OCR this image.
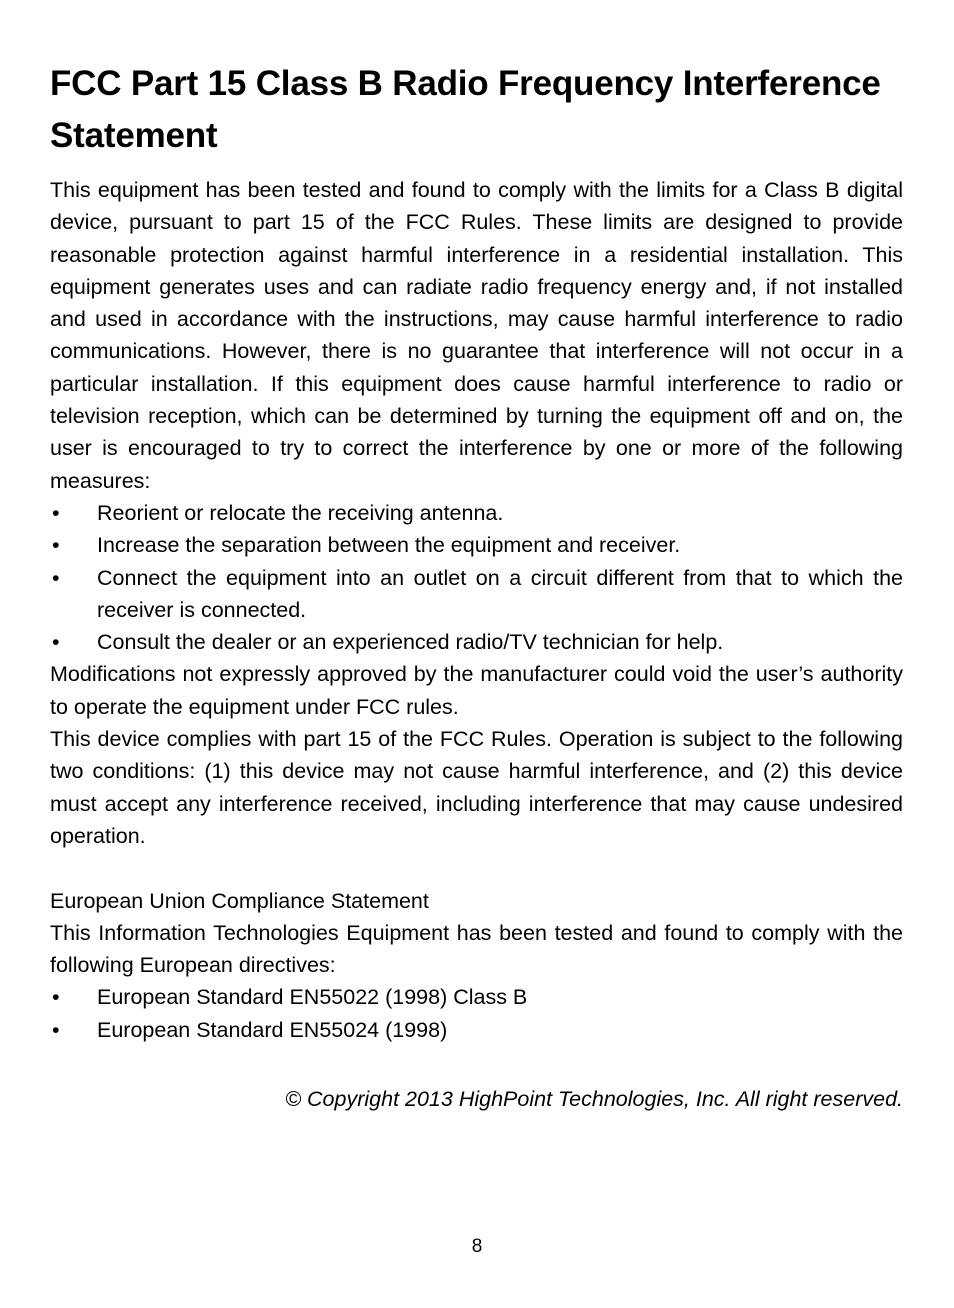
FCC Part 15 Class B Radio Frequency Interference Statement

This equipment has been tested and found to comply with the limits for a Class B digital device, pursuant to part 15 of the FCC Rules. These limits are designed to provide reasonable protection against harmful interference in a residential installation. This equipment generates uses and can radiate radio frequency energy and, if not installed and used in accordance with the instructions, may cause harmful interference to radio communications. However, there is no guarantee that interference will not occur in a particular installation. If this equipment does cause harmful interference to radio or television reception, which can be determined by turning the equipment off and on, the user is encouraged to try to correct the interference by one or more of the following measures:

•	Reorient or relocate the receiving antenna.
•	Increase the separation between the equipment and receiver.
•	Connect the equipment into an outlet on a circuit different from that to which the receiver is connected.
•	Consult the dealer or an experienced radio/TV technician for help.

Modifications not expressly approved by the manufacturer could void the user’s authority to operate the equipment under FCC rules.

This device complies with part 15 of the FCC Rules. Operation is subject to the following two conditions: (1) this device may not cause harmful interference, and (2) this device must accept any interference received, including interference that may cause undesired operation.

European Union Compliance Statement

This Information Technologies Equipment has been tested and found to comply with the following European directives:

•	European Standard EN55022 (1998) Class B
•	European Standard EN55024 (1998)

© Copyright 2013 HighPoint Technologies, Inc. All right reserved.

8
